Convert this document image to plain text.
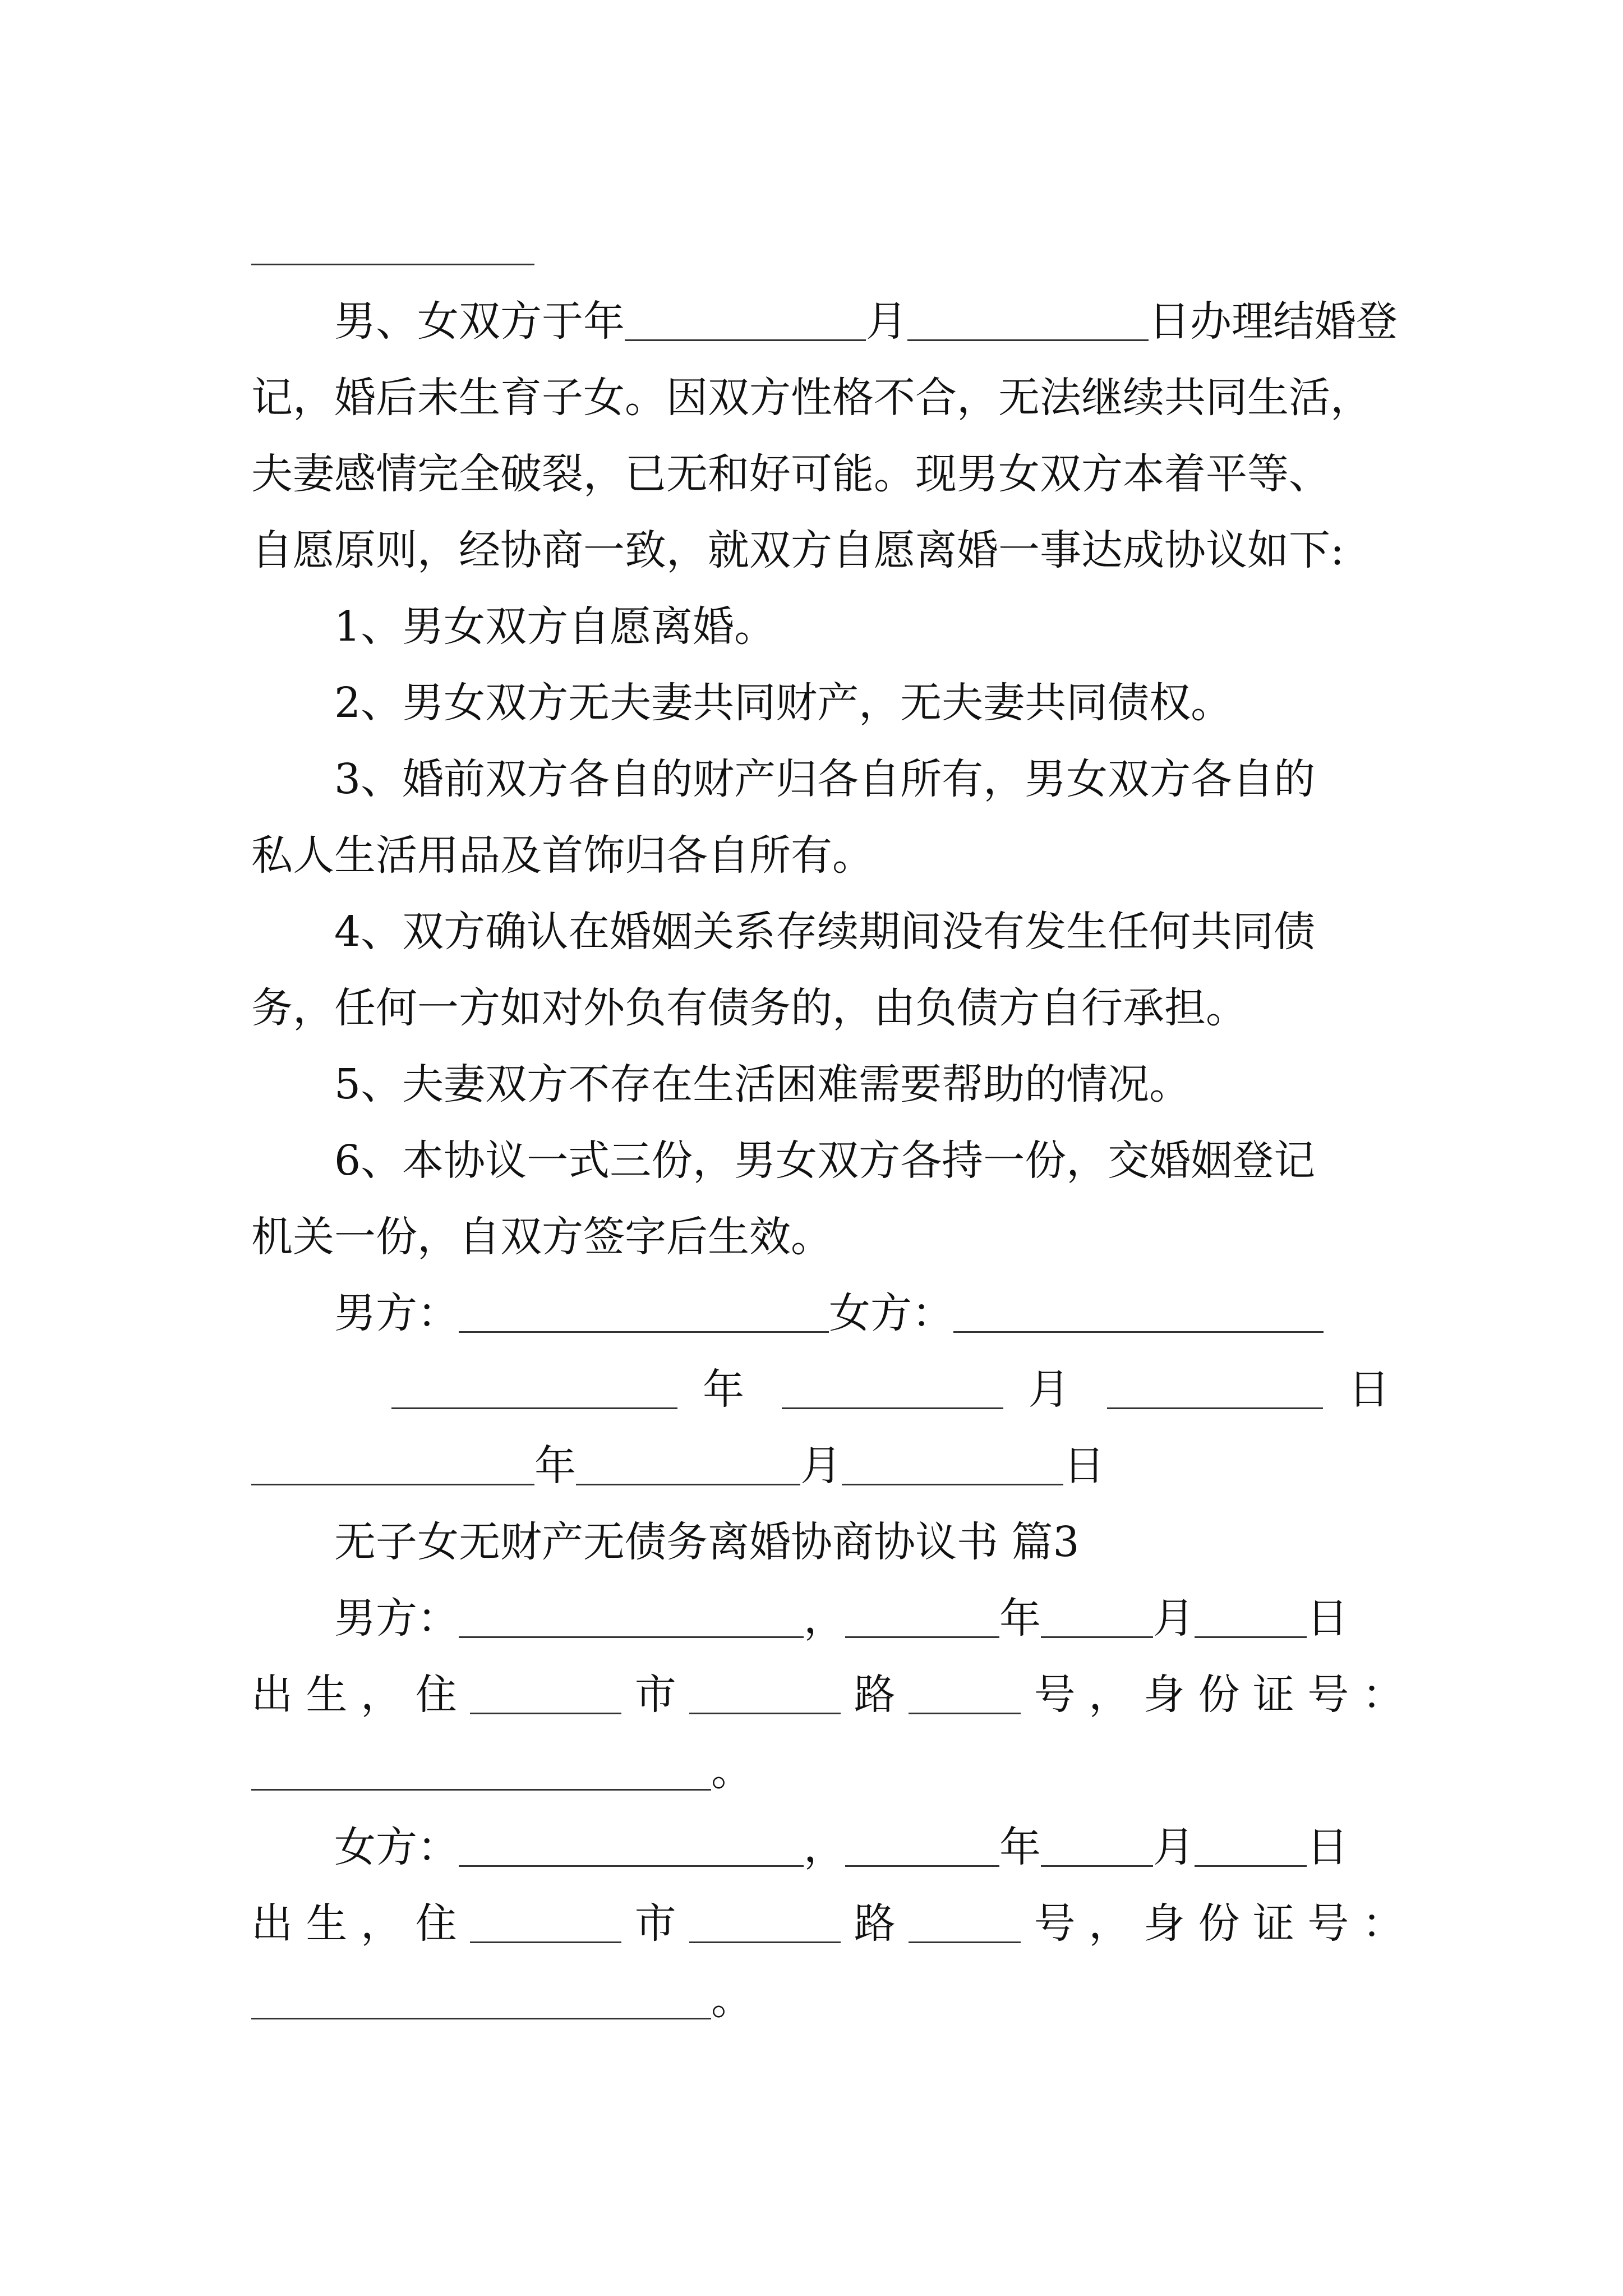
男、女双方于年	月	日办理结婚登
记，婚后未生育子女。因双方性格不合，无法继续共同生活，
夫妻感情完全破裂，已无和好可能。现男女双方本着平等、
自愿原则，经协商一致，就双方自愿离婚一事达成协议如下:
1、男女双方自愿离婚。
2、男女双方无夫妻共同财产，无夫妻共同债权。
3、婚前双方各自的财产归各自所有，男女双方各自的
私人生活用品及首饰归各自所有。
4、双方确认在婚姻关系存续期间没有发生任何共同债
务，任何一方如对外负有债务的，由负债方自行承担。
5、夫妻双方不存在生活困难需要帮助的情况。
6、本协议一式三份，男女双方各持一份，交婚姻登记
机关一份，自双方签字后生效。
男方：	女方：
年	月	日
年	月	日
无子女无财产无债务离婚协商协议书 篇3
男方：	，	年	月	日
出 生 ， 住	市	路	号 ， 身 份 证 号 ：
。
女方：	，	年	月	日
出 生 ， 住	市	路	号 ， 身 份 证 号 ：
。
